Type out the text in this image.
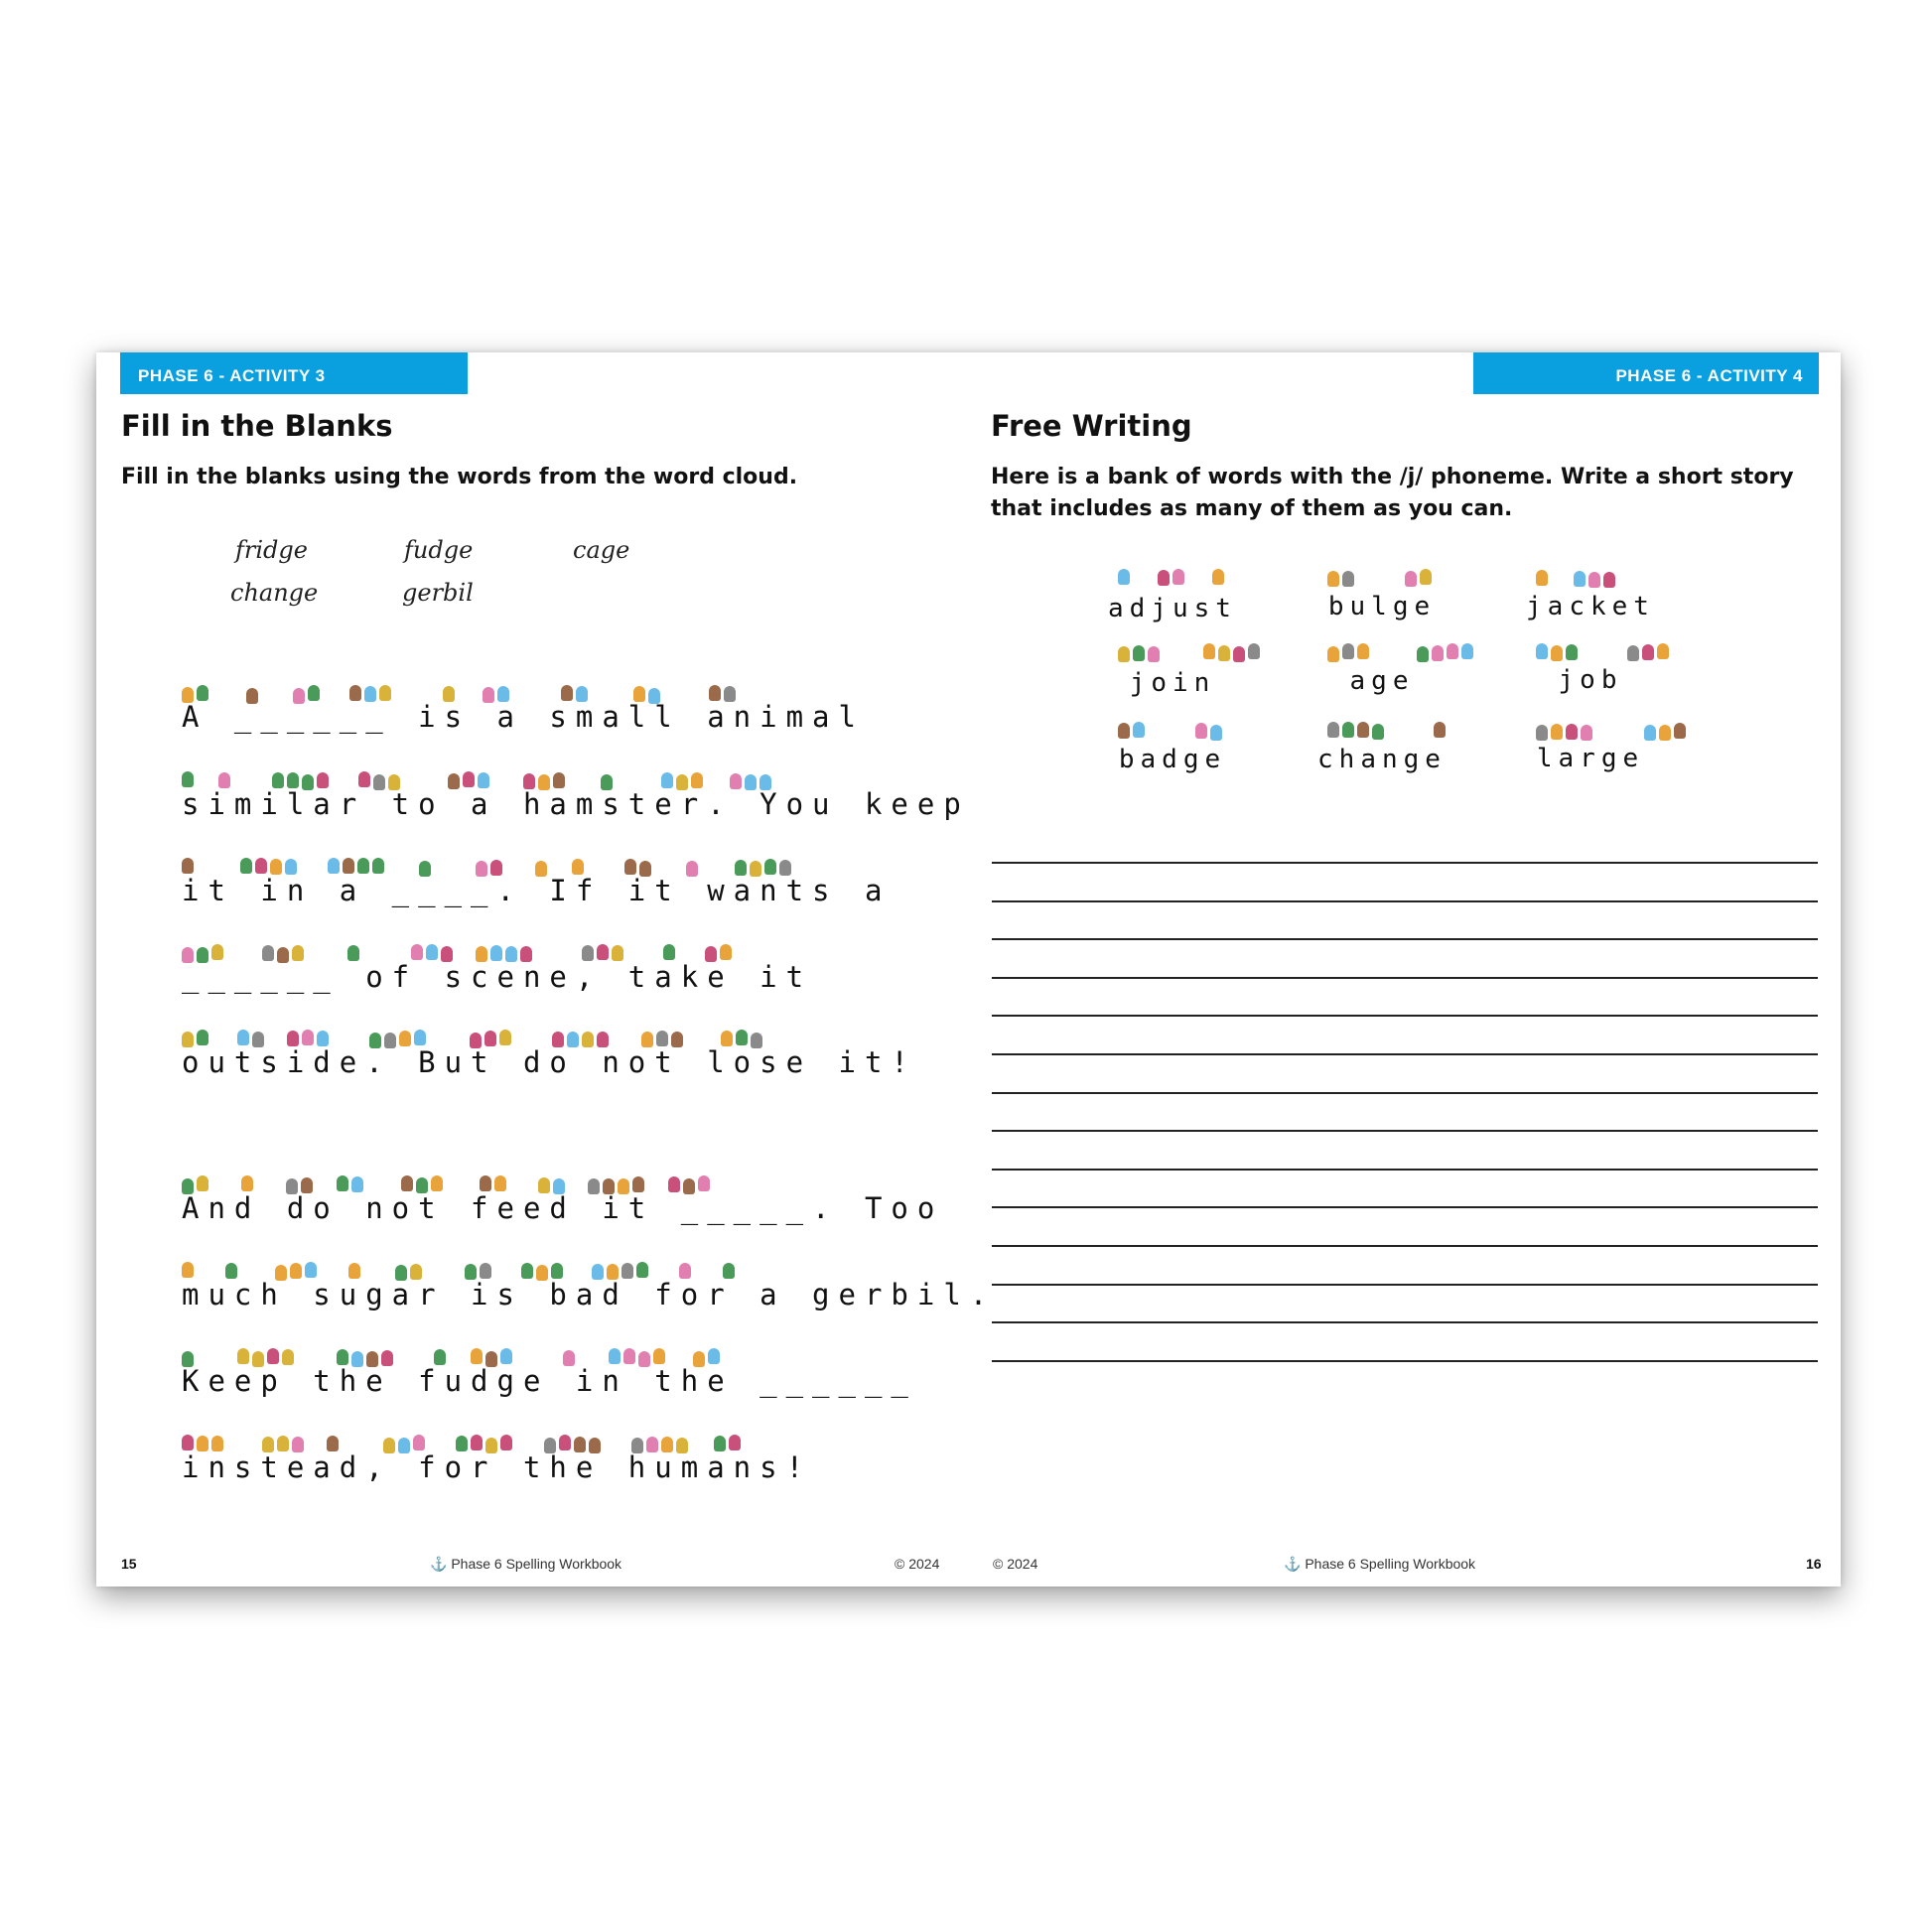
PHASE 6 - ACTIVITY 3
Fill in the Blanks
Fill in the blanks using the words from the word cloud.
fridge	fudge	cage
change	gerbil
A ______ is a small animal
similar to a hamster. You keep
it in a ____. If it wants a
______ of scene, take it
outside. But do not lose it!
And do not feed it _____. Too
much sugar is bad for a gerbil.
Keep the fudge in the ______
instead, for the humans!
15	⚓ Phase 6 Spelling Workbook	© 2024
PHASE 6 - ACTIVITY 4
Free Writing
Here is a bank of words with the /j/ phoneme. Write a short story that includes as many of them as you can.
adjust	bulge	jacket
join	age	job
badge	change	large
© 2024	⚓ Phase 6 Spelling Workbook	16
